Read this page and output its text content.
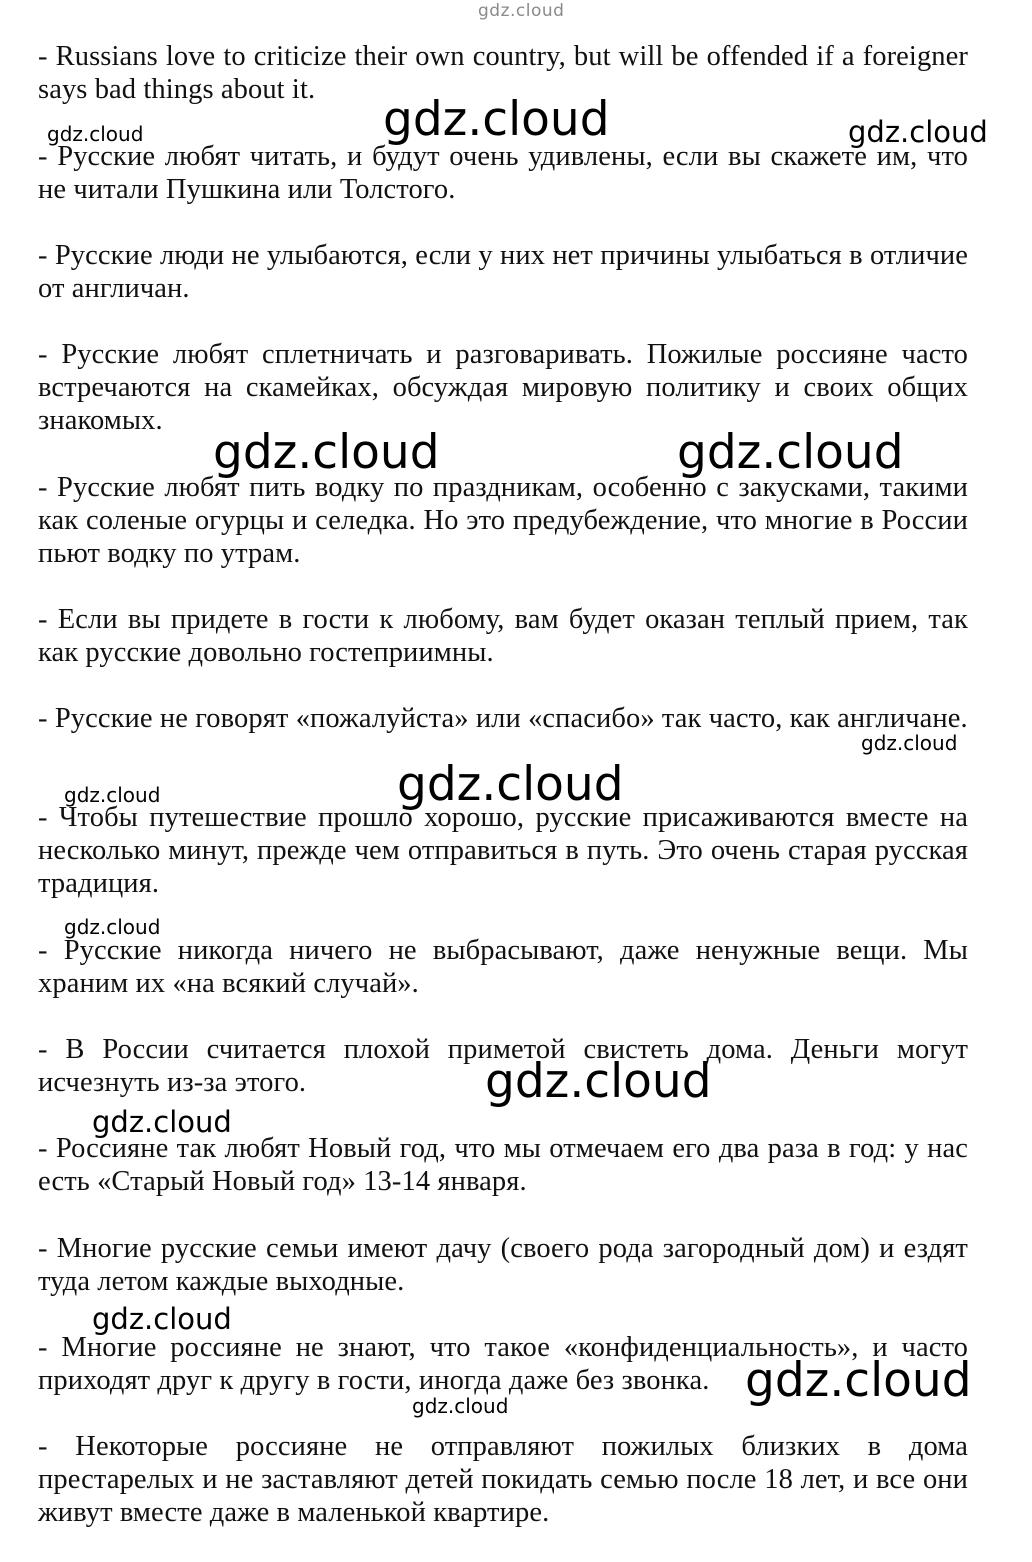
- Russians love to criticize their own country, but will be offended if a foreigner says bad things about it.

- Русские любят читать, и будут очень удивлены, если вы скажете им, что не читали Пушкина или Толстого.

- Русские люди не улыбаются, если у них нет причины улыбаться в отличие от англичан.

- Русские любят сплетничать и разговаривать. Пожилые россияне часто встречаются на скамейках, обсуждая мировую политику и своих общих знакомых.

- Русские любят пить водку по праздникам, особенно с закусками, такими как соленые огурцы и селедка. Но это предубеждение, что многие в России пьют водку по утрам.

- Если вы придете в гости к любому, вам будет оказан теплый прием, так как русские довольно гостеприимны.

- Русские не говорят «пожалуйста» или «спасибо» так часто, как англичане.

- Чтобы путешествие прошло хорошо, русские присаживаются вместе на несколько минут, прежде чем отправиться в путь. Это очень старая русская традиция.

- Русские никогда ничего не выбрасывают, даже ненужные вещи. Мы храним их «на всякий случай».

- В России считается плохой приметой свистеть дома. Деньги могут исчезнуть из-за этого.

- Россияне так любят Новый год, что мы отмечаем его два раза в год: у нас есть «Старый Новый год» 13-14 января.

- Многие русские семьи имеют дачу (своего рода загородный дом) и ездят туда летом каждые выходные.

- Многие россияне не знают, что такое «конфиденциальность», и часто приходят друг к другу в гости, иногда даже без звонка.

- Некоторые россияне не отправляют пожилых близких в дома престарелых и не заставляют детей покидать семью после 18 лет, и все они живут вместе даже в маленькой квартире.

gdz.cloud
gdz.cloud	gdz.cloud	gdz.cloud
gdz.cloud	gdz.cloud
gdz.cloud
gdz.cloud
gdz.cloud
gdz.cloud
gdz.cloud
gdz.cloud
gdz.cloud
gdz.cloud
gdz.cloud
